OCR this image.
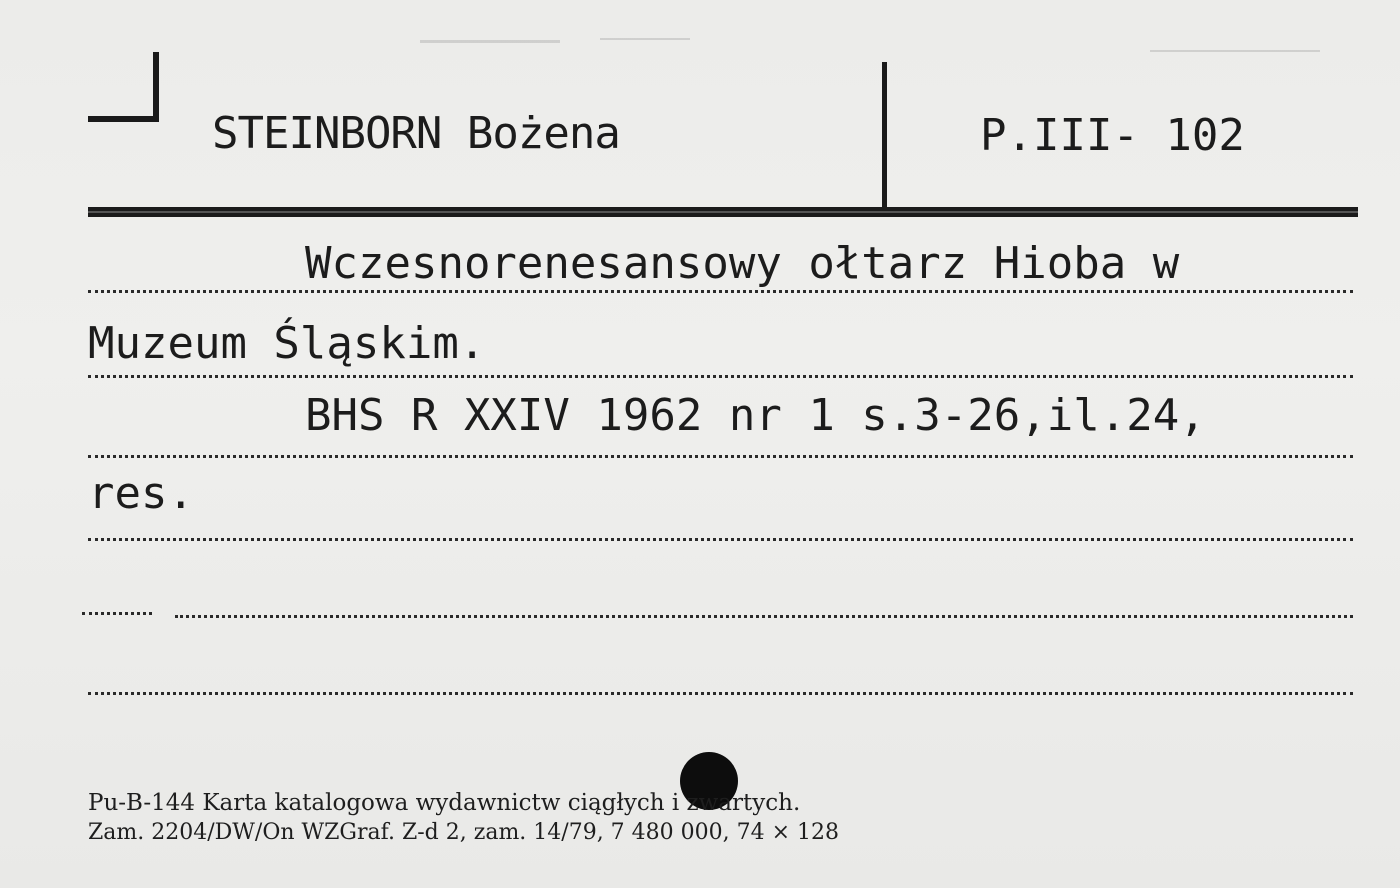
STEINBORN Bożena	P.III- 102
Wczesnorenesansowy ołtarz Hioba w
Muzeum Śląskim.
BHS R XXIV 1962 nr 1 s.3-26,il.24,
res.
Pu-B-144 Karta katalogowa wydawnictw ciągłych i zwartych.
Zam. 2204/DW/On WZGraf. Z-d 2, zam. 14/79, 7 480 000, 74 × 128
